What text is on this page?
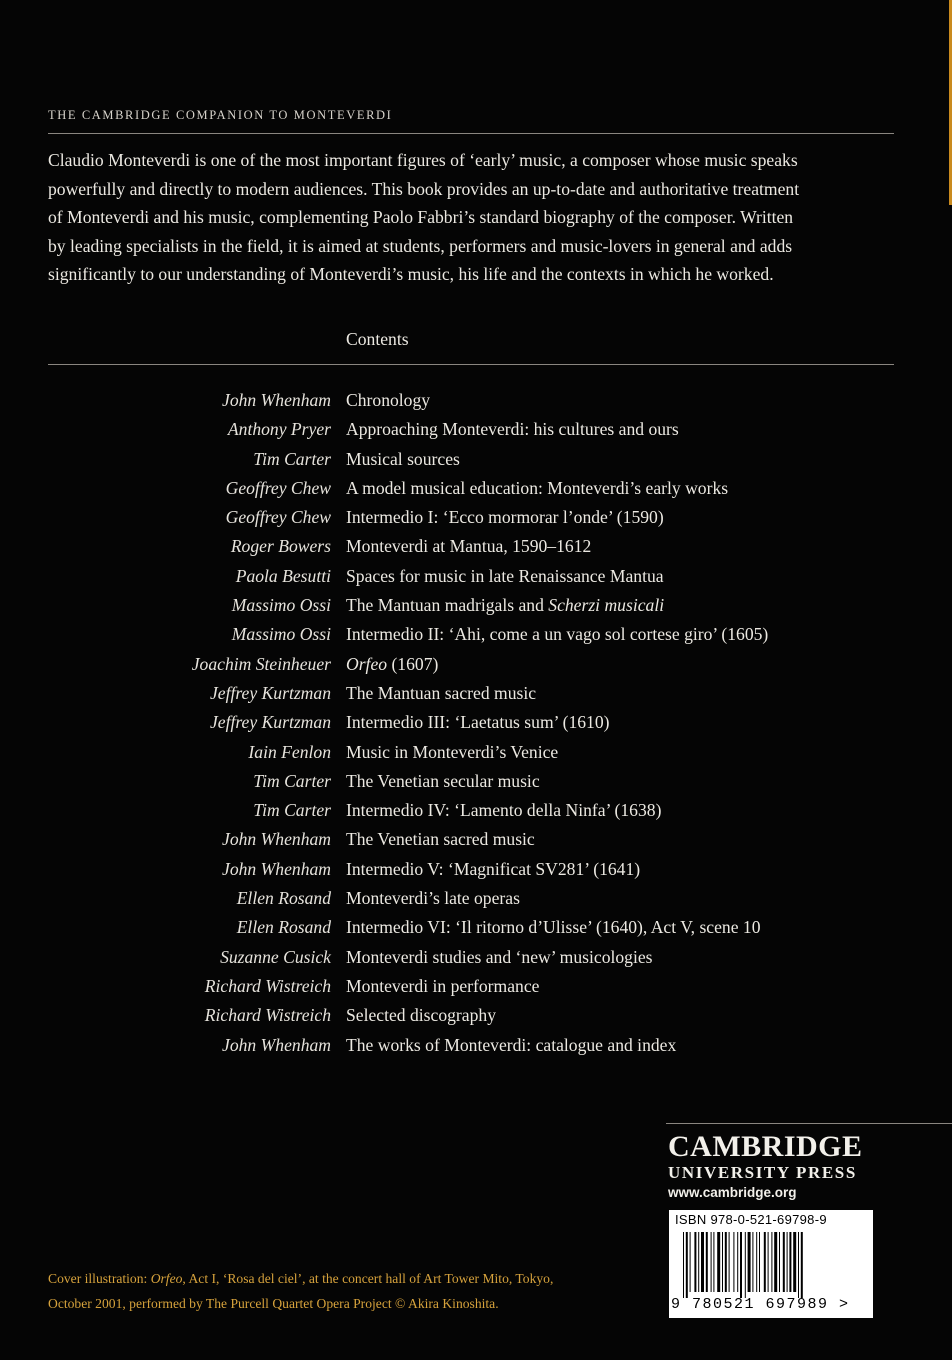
THE CAMBRIDGE COMPANION TO MONTEVERDI
Claudio Monteverdi is one of the most important figures of ‘early’ music, a composer whose music speaks
powerfully and directly to modern audiences. This book provides an up-to-date and authoritative treatment
of Monteverdi and his music, complementing Paolo Fabbri’s standard biography of the composer. Written
by leading specialists in the field, it is aimed at students, performers and music-lovers in general and adds
significantly to our understanding of Monteverdi’s music, his life and the contexts in which he worked.
Contents
John Whenham Chronology
Anthony Pryer Approaching Monteverdi: his cultures and ours
Tim Carter Musical sources
Geoffrey Chew A model musical education: Monteverdi’s early works
Geoffrey Chew Intermedio I: ‘Ecco mormorar l’onde’ (1590)
Roger Bowers Monteverdi at Mantua, 1590–1612
Paola Besutti Spaces for music in late Renaissance Mantua
Massimo Ossi The Mantuan madrigals and Scherzi musicali
Massimo Ossi Intermedio II: ‘Ahi, come a un vago sol cortese giro’ (1605)
Joachim Steinheuer Orfeo (1607)
Jeffrey Kurtzman The Mantuan sacred music
Jeffrey Kurtzman Intermedio III: ‘Laetatus sum’ (1610)
Iain Fenlon Music in Monteverdi’s Venice
Tim Carter The Venetian secular music
Tim Carter Intermedio IV: ‘Lamento della Ninfa’ (1638)
John Whenham The Venetian sacred music
John Whenham Intermedio V: ‘Magnificat SV281’ (1641)
Ellen Rosand Monteverdi’s late operas
Ellen Rosand Intermedio VI: ‘Il ritorno d’Ulisse’ (1640), Act V, scene 10
Suzanne Cusick Monteverdi studies and ‘new’ musicologies
Richard Wistreich Monteverdi in performance
Richard Wistreich Selected discography
John Whenham The works of Monteverdi: catalogue and index
Cover illustration: Orfeo, Act I, ‘Rosa del ciel’, at the concert hall of Art Tower Mito, Tokyo,
October 2001, performed by The Purcell Quartet Opera Project © Akira Kinoshita.
CAMBRIDGE
UNIVERSITY PRESS
www.cambridge.org
ISBN 978-0-521-69798-9
9 780521 697989 >
